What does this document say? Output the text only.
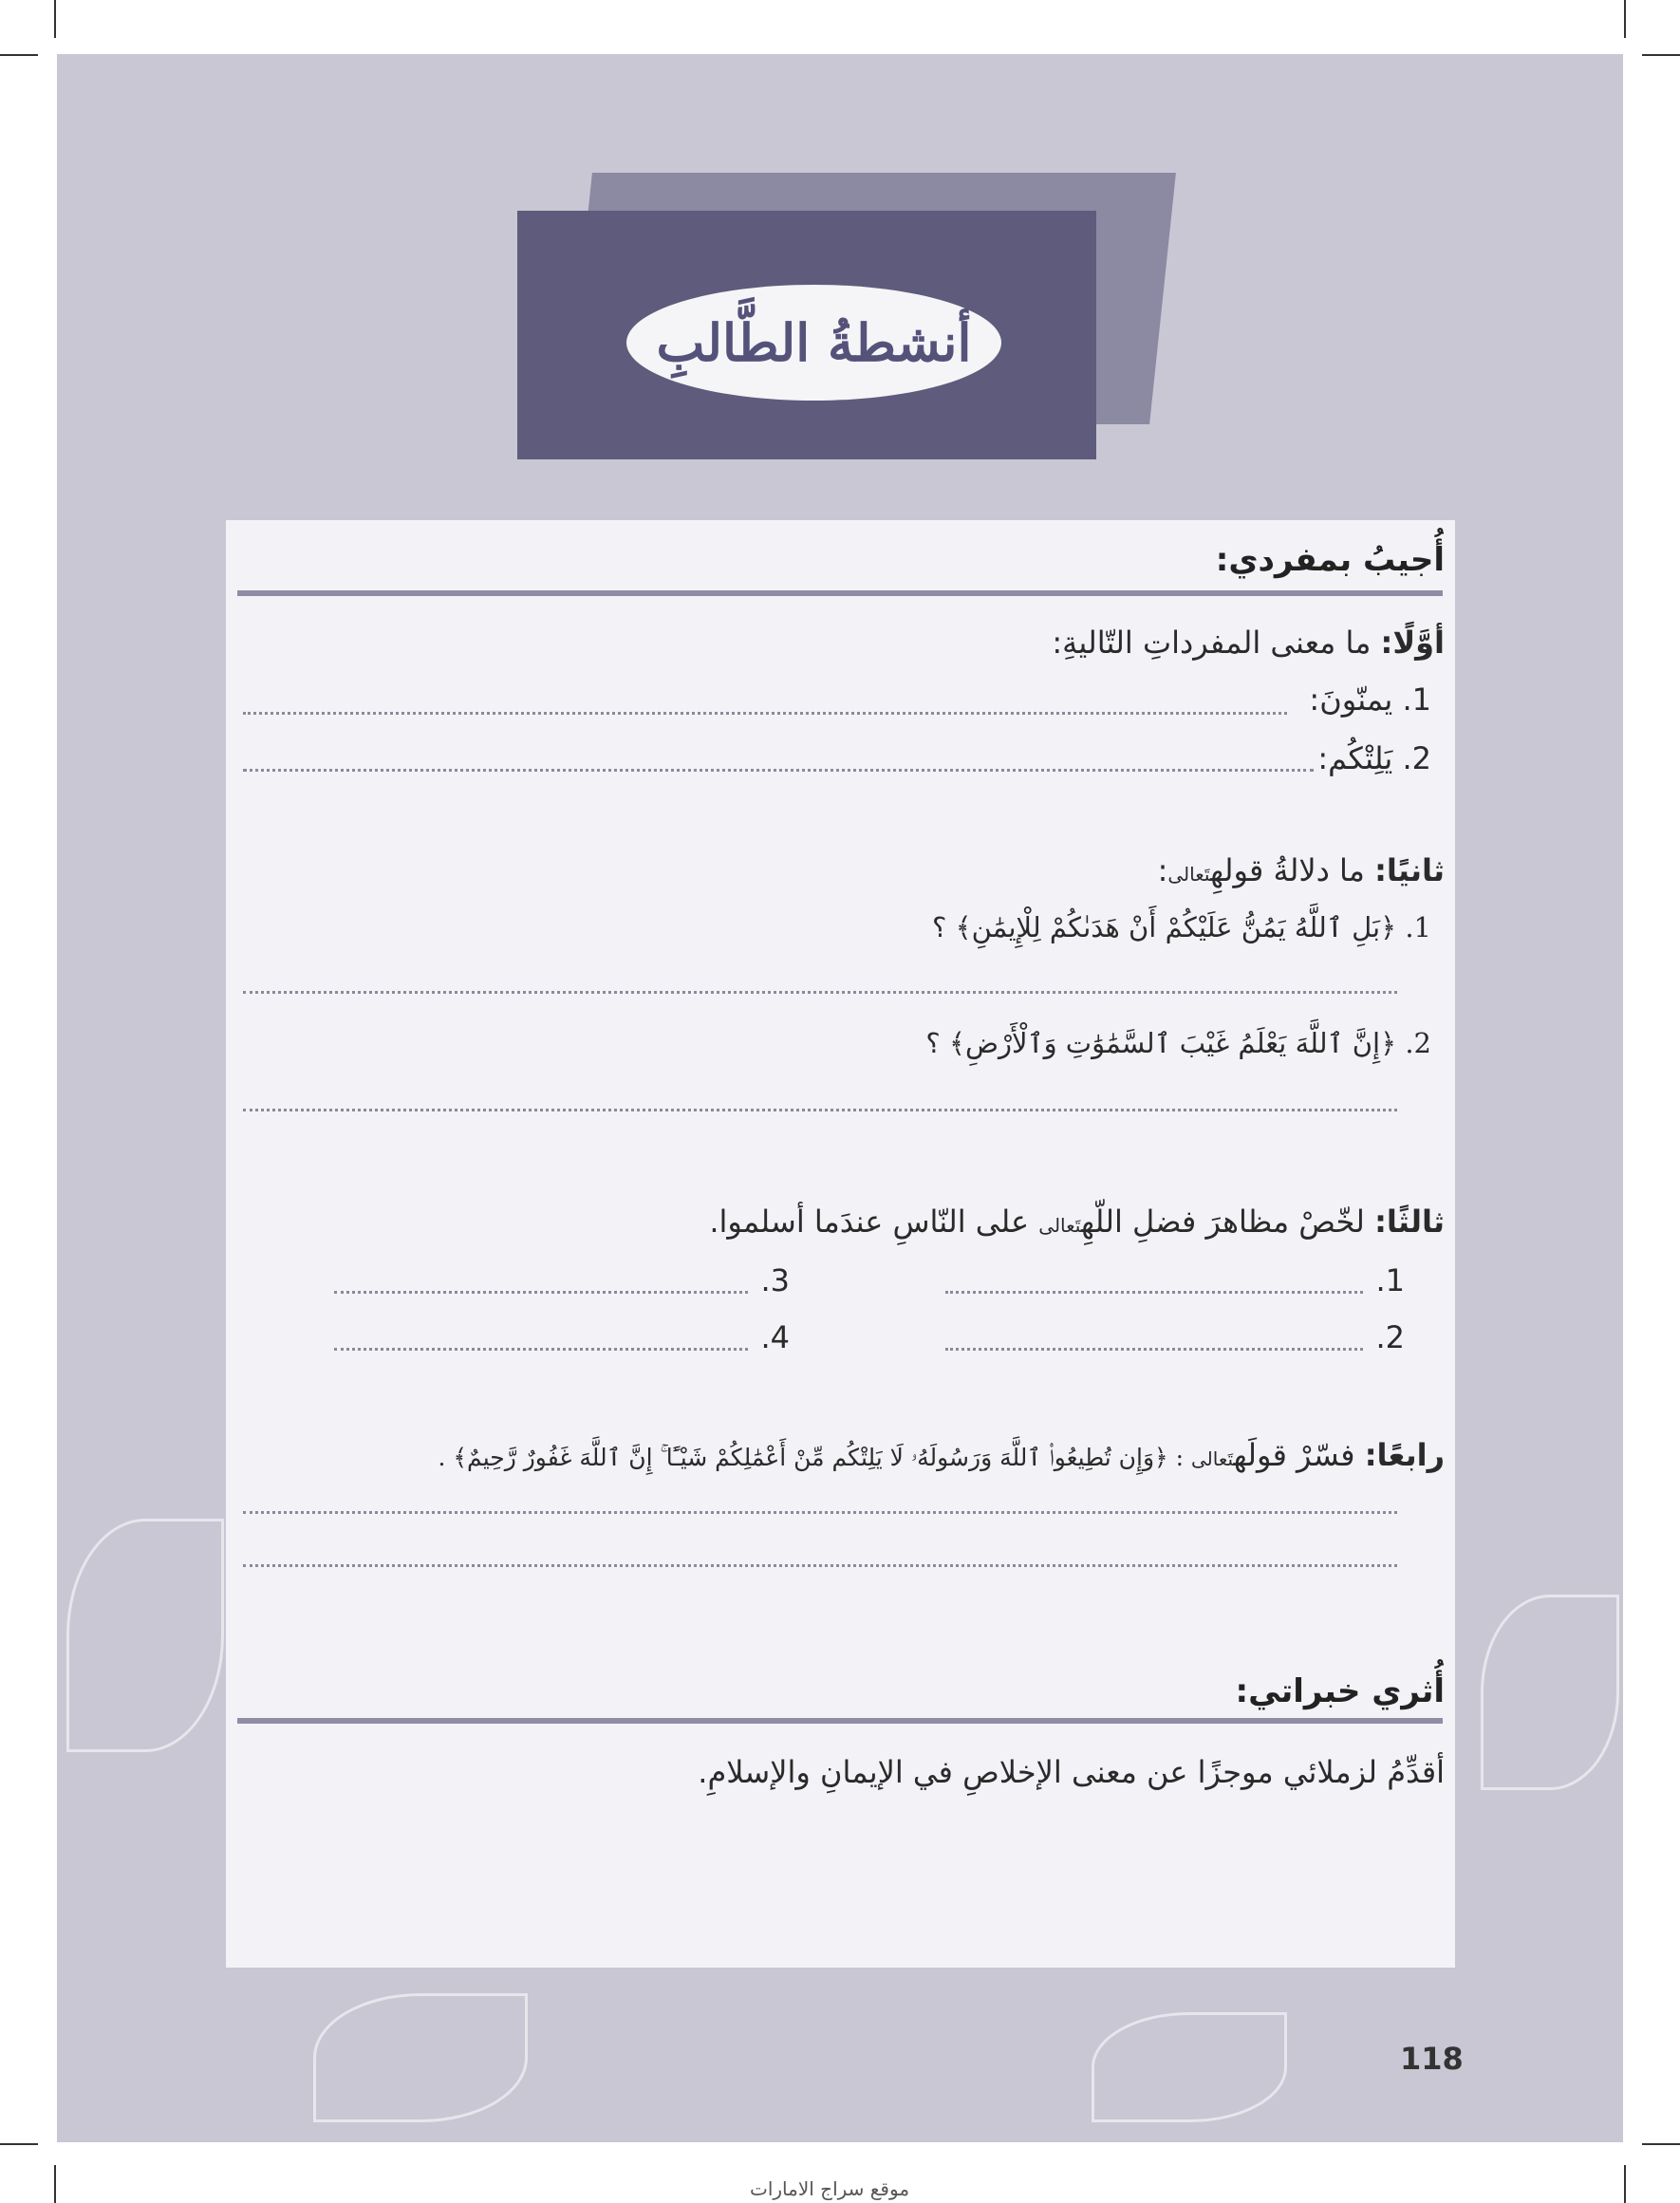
أنشطةُ الطَّالبِ
أُجيبُ بمفردي:
أوَّلًا: ما معنى المفرداتِ التّاليةِ:
1. يمنّونَ:
2. يَلِتْكُم:
ثانيًا: ما دلالةُ قولهِتَعالى:
1. ﴿بَلِ ٱللَّهُ يَمُنُّ عَلَيْكُمْ أَنْ هَدَىٰكُمْ لِلْإِيمَٰنِ﴾ ؟
2. ﴿إِنَّ ٱللَّهَ يَعْلَمُ غَيْبَ ٱلسَّمَٰوَٰتِ وَٱلْأَرْضِ﴾ ؟
ثالثًا: لخّصْ مظاهرَ فضلِ اللّهِتَعالى على النّاسِ عندَما أسلموا.
1.
3.
2.
4.
رابعًا: فسّرْ قولَهتَعالى : ﴿وَإِن تُطِيعُوا۟ ٱللَّهَ وَرَسُولَهُۥ لَا يَلِتْكُم مِّنْ أَعْمَٰلِكُمْ شَيْـًٔا ۚ إِنَّ ٱللَّهَ غَفُورٌ رَّحِيمٌ﴾ .
أُثري خبراتي:
أقدِّمُ لزملائي موجزًا عن معنى الإخلاصِ في الإيمانِ والإسلامِ.
118
موقع سراج الامارات
